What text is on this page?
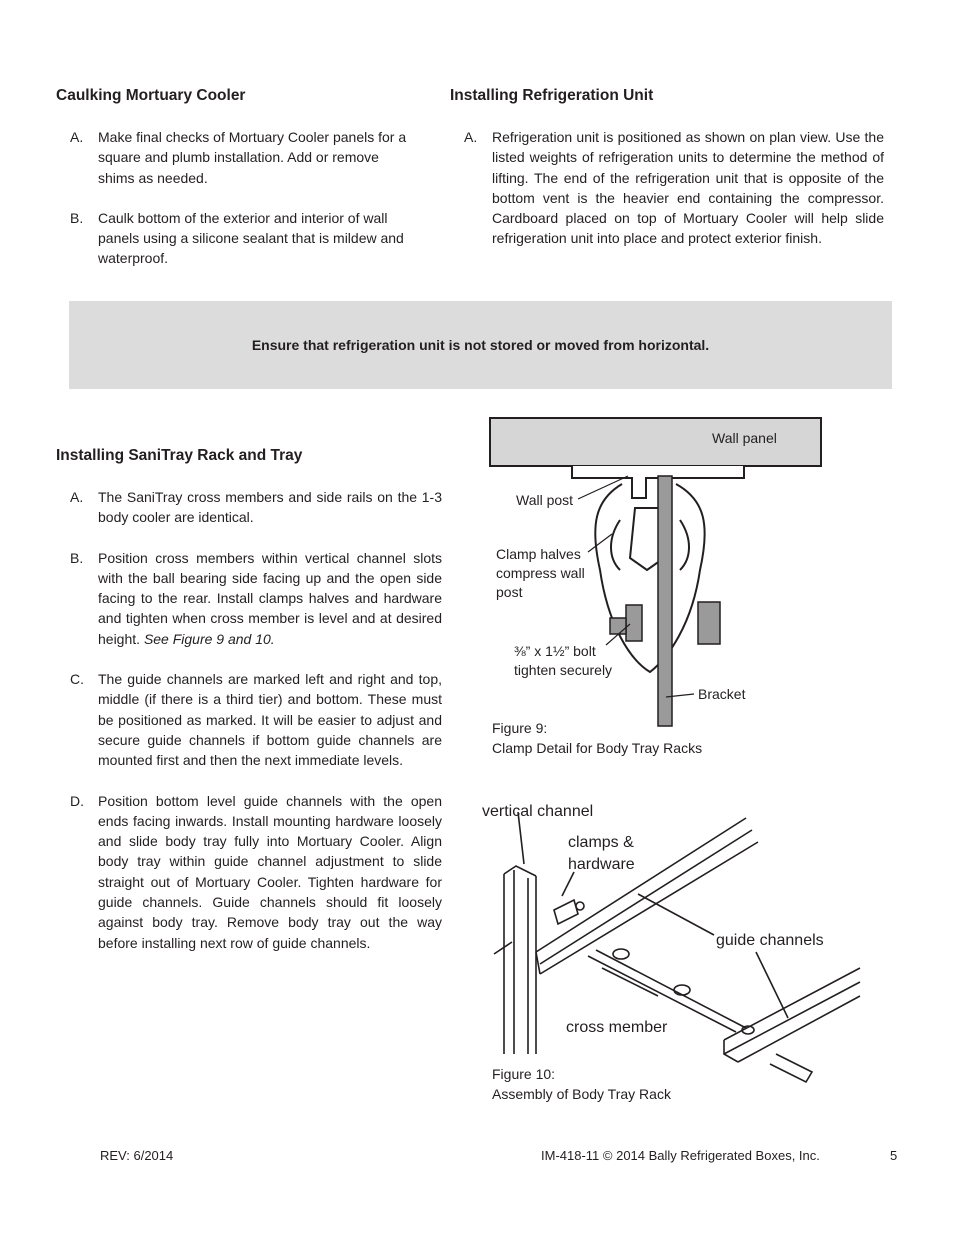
Caulking Mortuary Cooler
A. Make final checks of Mortuary Cooler panels for a square and plumb installation. Add or remove shims as needed.
B. Caulk bottom of the exterior and interior of wall panels using a silicone sealant that is mildew and waterproof.
Installing Refrigeration Unit
A. Refrigeration unit is positioned as shown on plan view. Use the listed weights of refrigeration units to determine the method of lifting. The end of the refrigeration unit that is opposite of the bottom vent is the heavier end containing the compressor. Cardboard placed on top of Mortuary Cooler will help slide refrigeration unit into place and protect exterior finish.
Ensure that refrigeration unit is not stored or moved from horizontal.
Installing SaniTray Rack and Tray
A. The SaniTray cross members and side rails on the 1-3 body cooler are identical.
B. Position cross members within vertical channel slots with the ball bearing side facing up and the open side facing to the rear. Install clamps halves and hardware and tighten when cross member is level and at desired height. See Figure 9 and 10.
C. The guide channels are marked left and right and top, middle (if there is a third tier) and bottom. These must be positioned as marked. It will be easier to adjust and secure guide channels if bottom guide channels are mounted first and then the next immediate levels.
D. Position bottom level guide channels with the open ends facing inwards. Install mounting hardware loosely and slide body tray fully into Mortuary Cooler. Align body tray within guide channel adjustment to slide straight out of Mortuary Cooler. Tighten hardware for guide channels. Guide channels should fit loosely against body tray. Remove body tray out the way before installing next row of guide channels.
Wall panel
Wall post
Clamp halves
compress wall
post
⅜” x 1½” bolt
tighten securely
Bracket
Figure 9:
Clamp Detail for Body Tray Racks
vertical channel
clamps &
hardware
guide channels
cross member
Figure 10:
Assembly of Body Tray Rack
REV: 6/2014	IM-418-11 © 2014 Bally Refrigerated Boxes, Inc.	5
